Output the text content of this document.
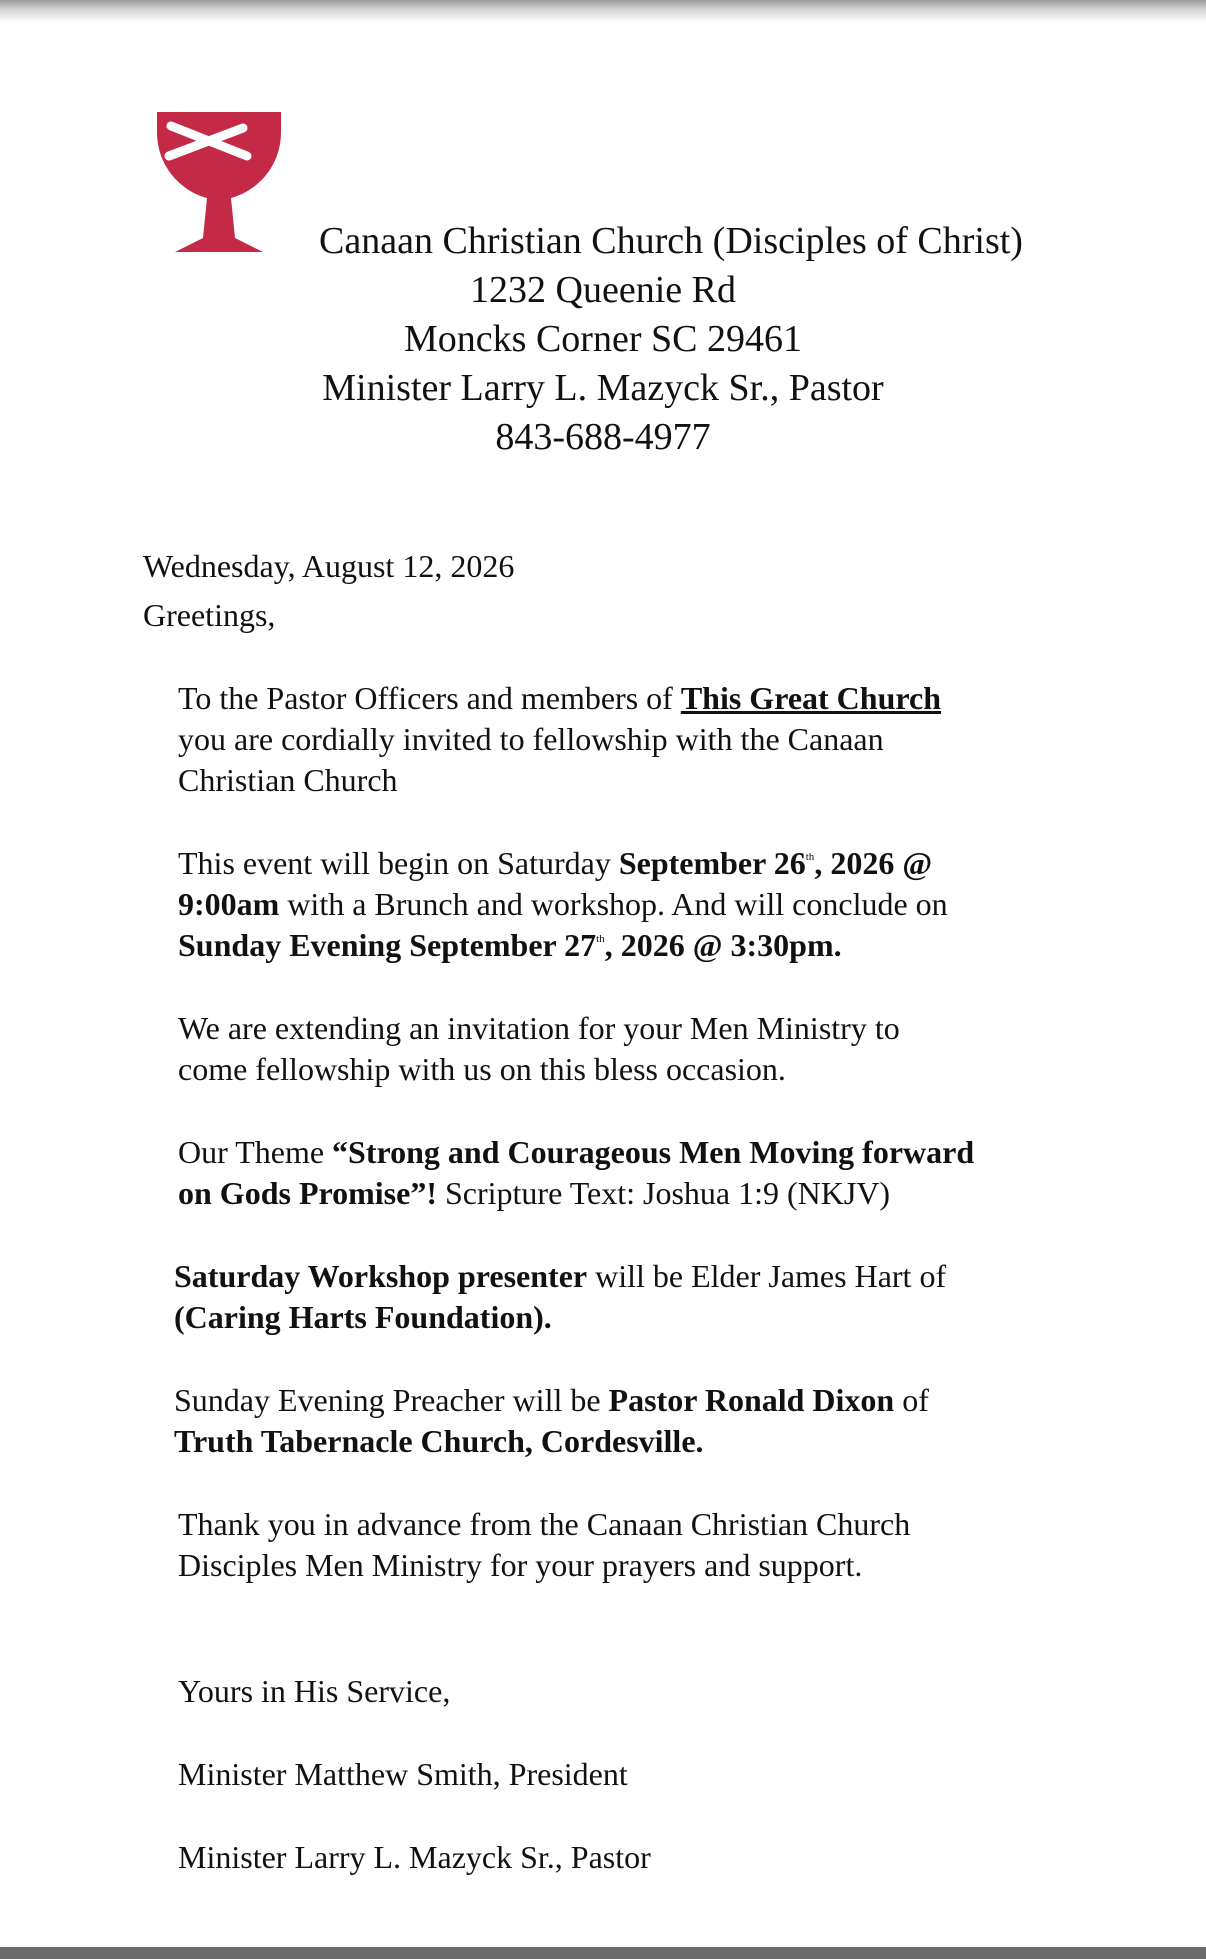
Canaan Christian Church (Disciples of Christ)
1232 Queenie Rd
Moncks Corner SC 29461
Minister Larry L. Mazyck Sr., Pastor
843-688-4977
Wednesday, August 12, 2026
Greetings,
To the Pastor Officers and members of This Great Church
you are cordially invited to fellowship with the Canaan
Christian Church
This event will begin on Saturday September 26th, 2026 @
9:00am with a Brunch and workshop. And will conclude on
Sunday Evening September 27th, 2026 @ 3:30pm.
We are extending an invitation for your Men Ministry to
come fellowship with us on this bless occasion.
Our Theme “Strong and Courageous Men Moving forward
on Gods Promise”! Scripture Text: Joshua 1:9 (NKJV)
Saturday Workshop presenter will be Elder James Hart of
(Caring Harts Foundation).
Sunday Evening Preacher will be Pastor Ronald Dixon of
Truth Tabernacle Church, Cordesville.
Thank you in advance from the Canaan Christian Church
Disciples Men Ministry for your prayers and support.
Yours in His Service,
Minister Matthew Smith, President
Minister Larry L. Mazyck Sr., Pastor
